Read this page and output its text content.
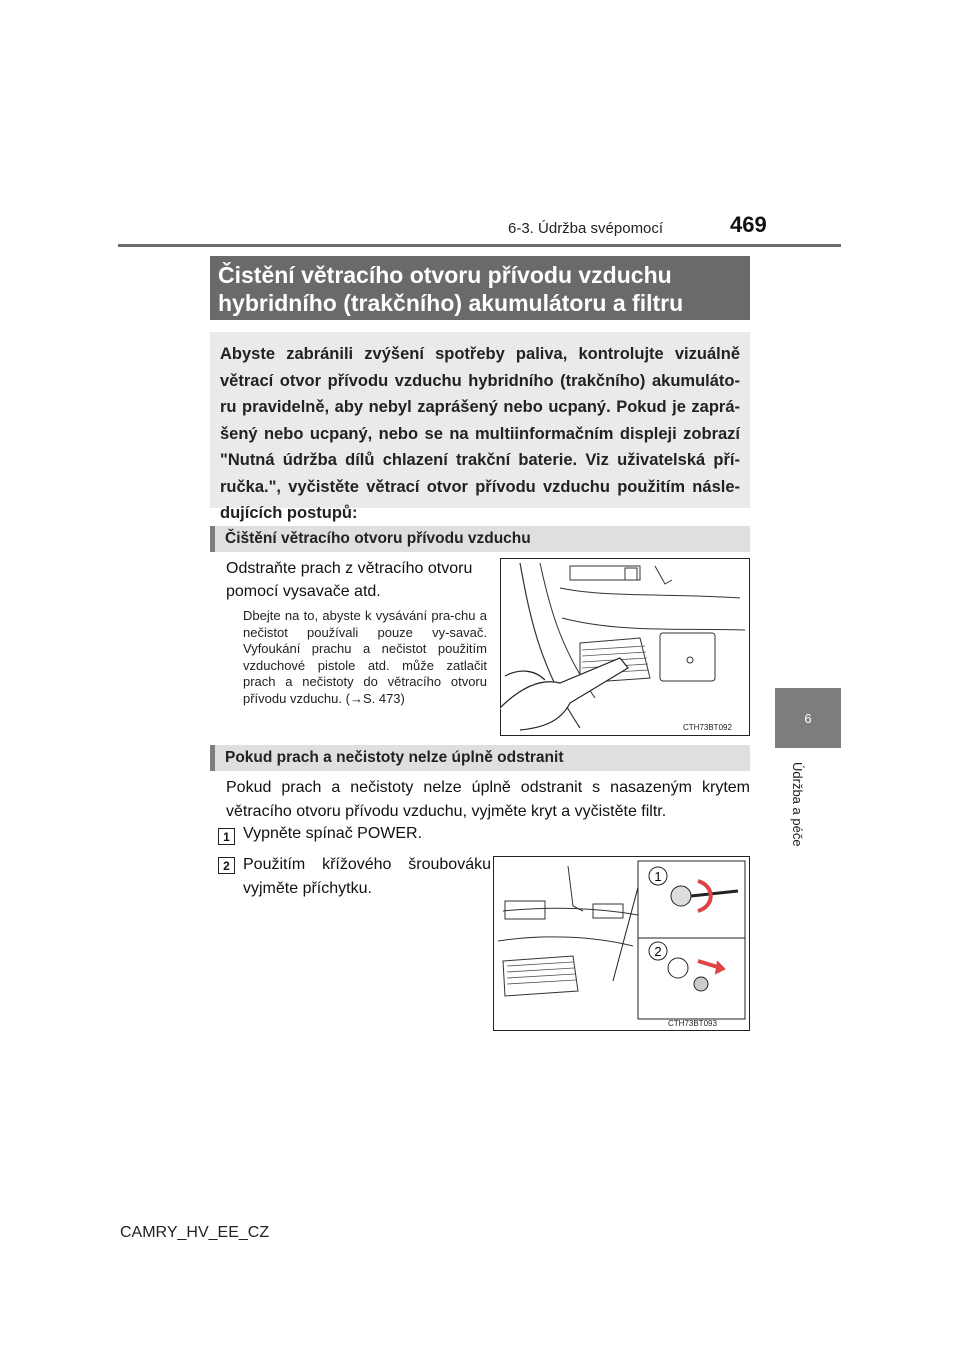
6-3. Údržba svépomocí	469
6
Údržba a péče
Čistění větracího otvoru přívodu vzduchu hybridního (trakčního) akumulátoru a filtru
Abyste zabránili zvýšení spotřeby paliva, kontrolujte vizuálně větrací otvor přívodu vzduchu hybridního (trakčního) akumuláto-ru pravidelně, aby nebyl zaprášený nebo ucpaný. Pokud je zaprá-šený nebo ucpaný, nebo se na multiinformačním displeji zobrazí "Nutná údržba dílů chlazení trakční baterie. Viz uživatelská pří-ručka.", vyčistěte větrací otvor přívodu vzduchu použitím násle-dujících postupů:
Čištění větracího otvoru přívodu vzduchu
Odstraňte prach z větracího otvoru pomocí vysavače atd.
Dbejte na to, abyste k vysávání pra-chu a nečistot používali pouze vy-savač. Vyfoukání prachu a nečistot použitím vzduchové pistole atd. může zatlačit prach a nečistoty do větracího otvoru přívodu vzduchu. (→S. 473)
CTH73BT092
Pokud prach a nečistoty nelze úplně odstranit
Pokud prach a nečistoty nelze úplně odstranit s nasazeným krytem větracího otvoru přívodu vzduchu, vyjměte kryt a vyčistěte filtr.
1 Vypněte spínač POWER.
2 Použitím křížového šroubováku vyjměte příchytku.
1
2
CTH73BT093
CAMRY_HV_EE_CZ
